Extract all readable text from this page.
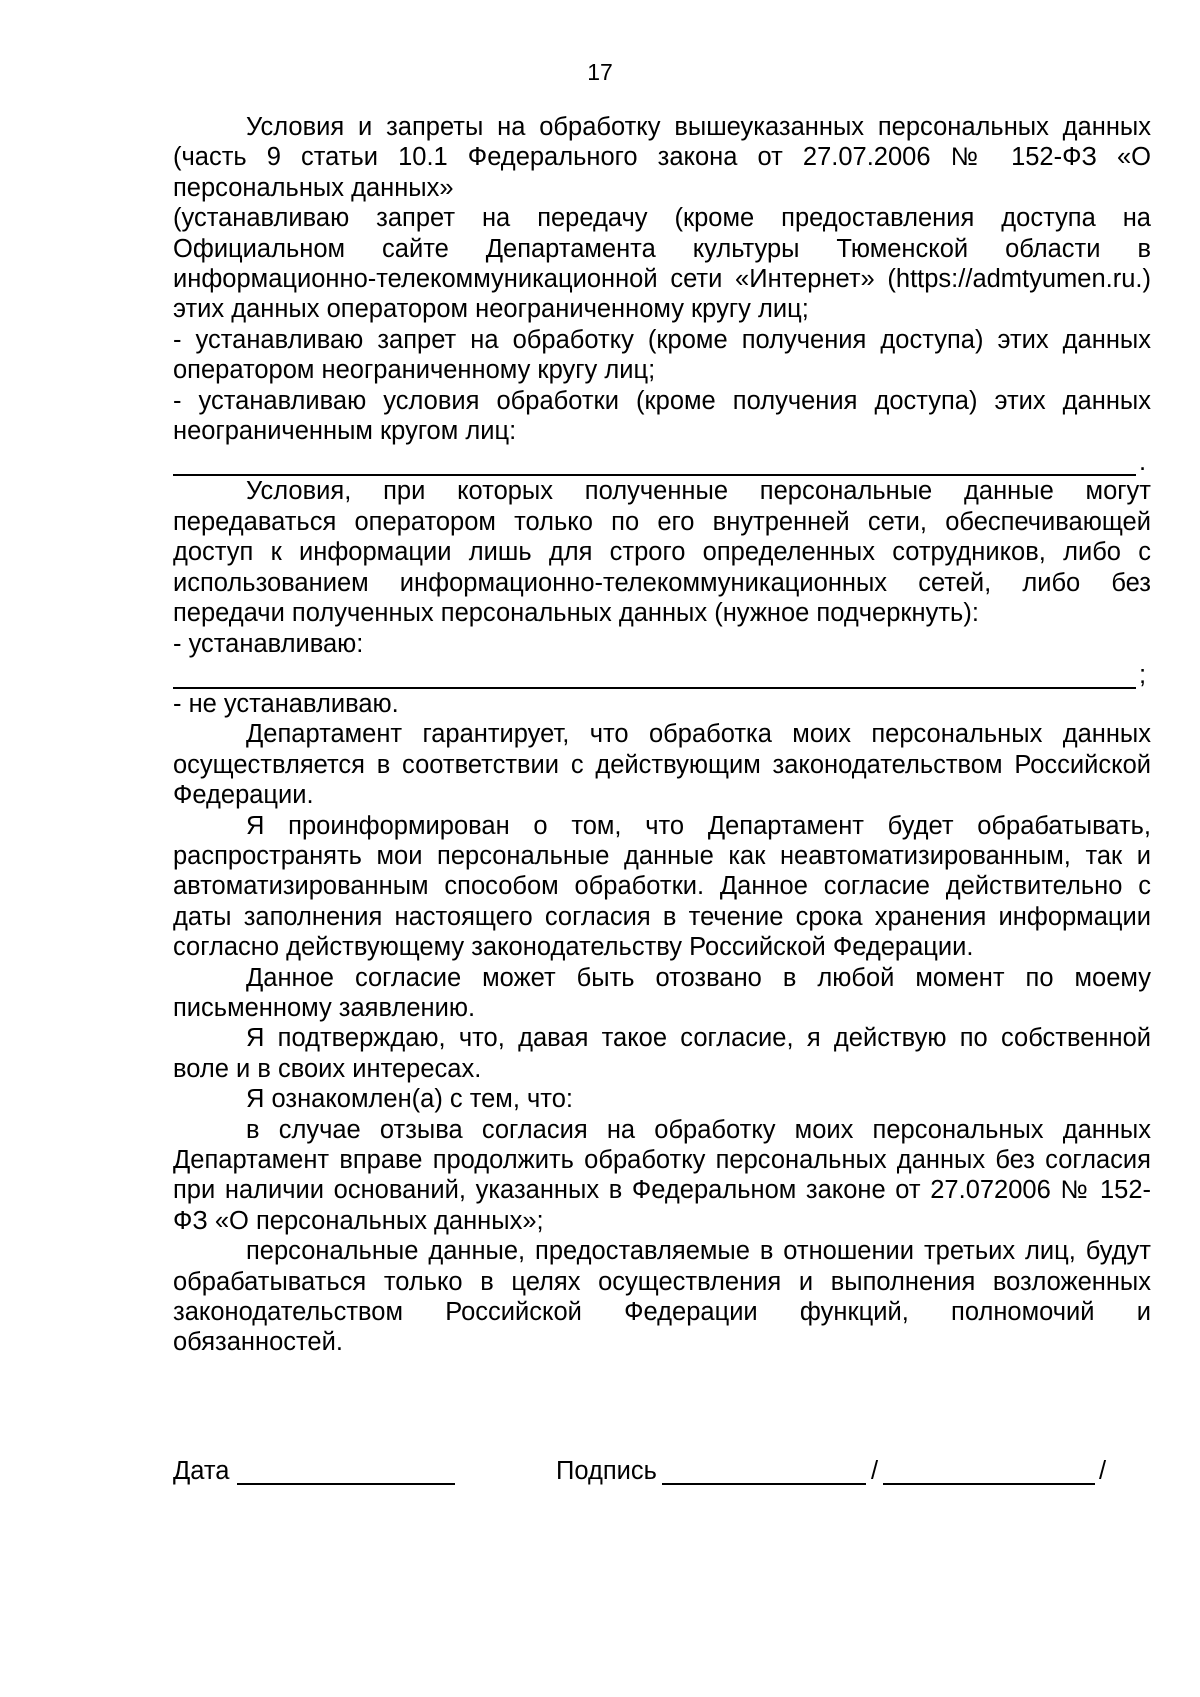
17

Условия и запреты на обработку вышеуказанных персональных данных (часть 9 статьи 10.1 Федерального закона от 27.07.2006 № 152-ФЗ «О персональных данных»

(устанавливаю запрет на передачу (кроме предоставления доступа на Официальном сайте Департамента культуры Тюменской области в информационно-телекоммуникационной сети «Интернет» (https://admtyumen.ru.) этих данных оператором неограниченному кругу лиц;

- устанавливаю запрет на обработку (кроме получения доступа) этих данных оператором неограниченному кругу лиц;

- устанавливаю условия обработки (кроме получения доступа) этих данных неограниченным кругом лиц:

.

Условия, при которых полученные персональные данные могут передаваться оператором только по его внутренней сети, обеспечивающей доступ к информации лишь для строго определенных сотрудников, либо с использованием информационно-телекоммуникационных сетей, либо без передачи полученных персональных данных (нужное подчеркнуть):

- устанавливаю:

;

- не устанавливаю.

Департамент гарантирует, что обработка моих персональных данных осуществляется в соответствии с действующим законодательством Российской Федерации.

Я проинформирован о том, что Департамент будет обрабатывать, распространять мои персональные данные как неавтоматизированным, так и автоматизированным способом обработки. Данное согласие действительно с даты заполнения настоящего согласия в течение срока хранения информации согласно действующему законодательству Российской Федерации.

Данное согласие может быть отозвано в любой момент по моему письменному заявлению.

Я подтверждаю, что, давая такое согласие, я действую по собственной воле и в своих интересах.

Я ознакомлен(а) с тем, что:

в случае отзыва согласия на обработку моих персональных данных Департамент вправе продолжить обработку персональных данных без согласия при наличии оснований, указанных в Федеральном законе от 27.072006 № 152-ФЗ «О персональных данных»;

персональные данные, предоставляемые в отношении третьих лиц, будут обрабатываться только в целях осуществления и выполнения возложенных законодательством Российской Федерации функций, полномочий и обязанностей.

Дата	Подпись	/	/
